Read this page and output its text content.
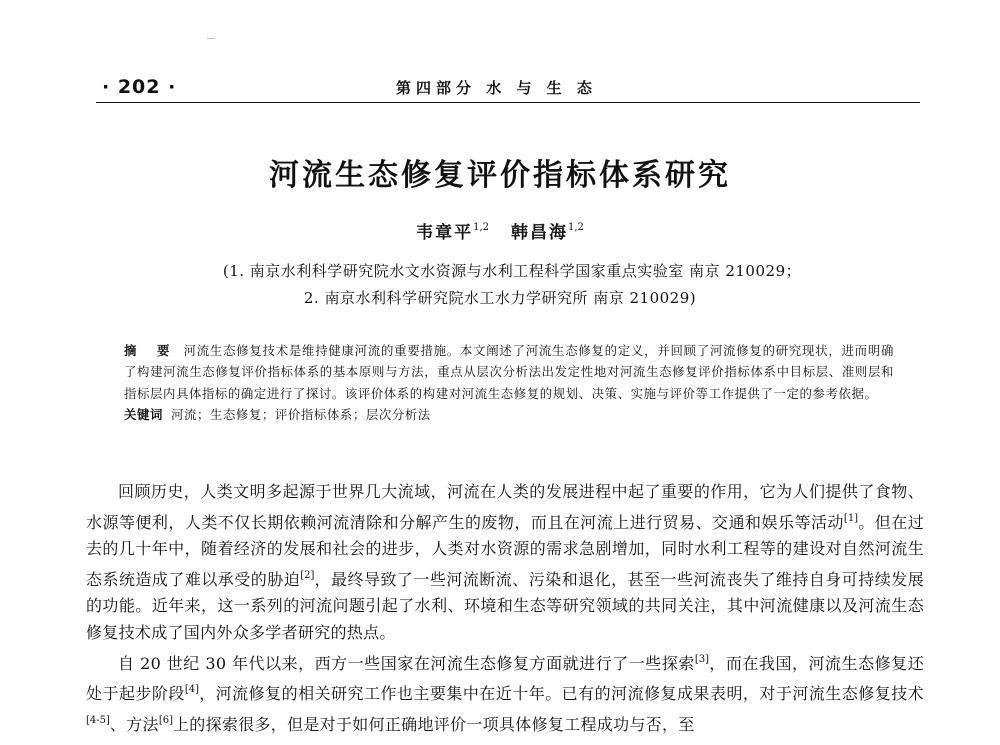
· 202 ·	第四部分 水 与 生 态
河流生态修复评价指标体系研究
韦章平$^{1,2}$ 韩昌海$^{1,2}$
(1. 南京水利科学研究院水文水资源与水利工程科学国家重点实验室 南京 210029；
2. 南京水利科学研究院水工水力学研究所 南京 210029)
摘 要 河流生态修复技术是维持健康河流的重要措施。本文阐述了河流生态修复的定义，并回顾了河流修复的研究现状，进而明确了构建河流生态修复评价指标体系的基本原则与方法，重点从层次分析法出发定性地对河流生态修复评价指标体系中目标层、准则层和指标层内具体指标的确定进行了探讨。该评价体系的构建对河流生态修复的规划、决策、实施与评价等工作提供了一定的参考依据。
关键词 河流；生态修复；评价指标体系；层次分析法

回顾历史，人类文明多起源于世界几大流域，河流在人类的发展进程中起了重要的作用，它为人们提供了食物、水源等便利，人类不仅长期依赖河流清除和分解产生的废物，而且在河流上进行贸易、交通和娱乐等活动[1]。但在过去的几十年中，随着经济的发展和社会的进步，人类对水资源的需求急剧增加，同时水利工程等的建设对自然河流生态系统造成了难以承受的胁迫[2]，最终导致了一些河流断流、污染和退化，甚至一些河流丧失了维持自身可持续发展的功能。近年来，这一系列的河流问题引起了水利、环境和生态等研究领域的共同关注，其中河流健康以及河流生态修复技术成了国内外众多学者研究的热点。

自 20 世纪 30 年代以来，西方一些国家在河流生态修复方面就进行了一些探索[3]，而在我国，河流生态修复还处于起步阶段[4]，河流修复的相关研究工作也主要集中在近十年。已有的河流修复成果表明，对于河流生态修复技术[4-5]、方法[6]上的探索很多，但是对于如何正确地评价一项具体修复工程成功与否，至
